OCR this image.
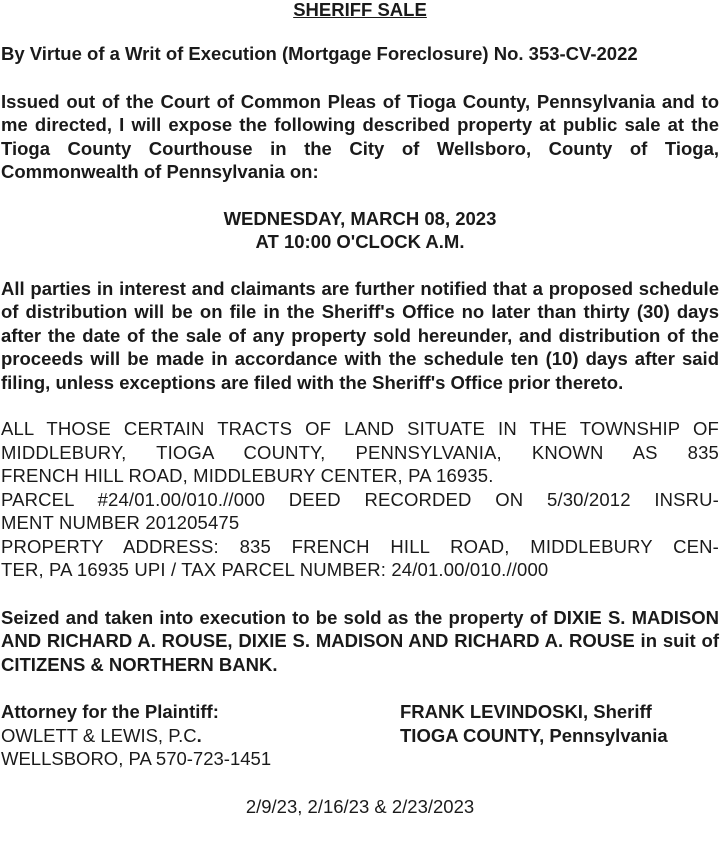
SHERIFF SALE
By Virtue of a Writ of Execution (Mortgage Foreclosure) No. 353-CV-2022
Issued out of the Court of Common Pleas of Tioga County, Pennsylvania and to me directed, I will expose the following described property at public sale at the Tioga County Courthouse in the City of Wellsboro, County of Tioga, Commonwealth of Pennsylvania on:
WEDNESDAY, MARCH 08, 2023
AT 10:00 O'CLOCK A.M.
All parties in interest and claimants are further notified that a proposed schedule of distribution will be on file in the Sheriff's Office no later than thirty (30) days after the date of the sale of any property sold hereunder, and distribution of the proceeds will be made in accordance with the schedule ten (10) days after said filing, unless exceptions are filed with the Sheriff's Office prior thereto.
ALL THOSE CERTAIN TRACTS OF LAND SITUATE IN THE TOWNSHIP OF
MIDDLEBURY, TIOGA COUNTY, PENNSYLVANIA, KNOWN AS 835
FRENCH HILL ROAD, MIDDLEBURY CENTER, PA 16935.
PARCEL #24/01.00/010.//000 DEED RECORDED ON 5/30/2012 INSRU-
MENT NUMBER 201205475
PROPERTY ADDRESS: 835 FRENCH HILL ROAD, MIDDLEBURY CEN-
TER, PA 16935 UPI / TAX PARCEL NUMBER: 24/01.00/010.//000
Seized and taken into execution to be sold as the property of DIXIE S. MADISON AND RICHARD A. ROUSE, DIXIE S. MADISON AND RICHARD A. ROUSE in suit of CITIZENS & NORTHERN BANK.
Attorney for the Plaintiff:
OWLETT & LEWIS, P.C.
WELLSBORO, PA 570-723-1451
FRANK LEVINDOSKI, Sheriff
TIOGA COUNTY, Pennsylvania
2/9/23, 2/16/23 & 2/23/2023
